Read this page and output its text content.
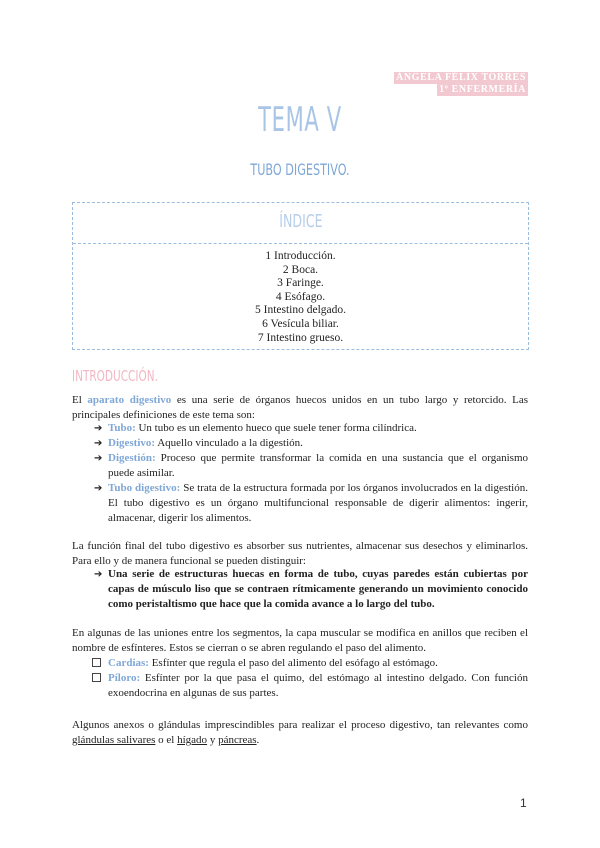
ÁNGELA FÉLIX TORRES
1º ENFERMERÍA
TEMA V
TUBO DIGESTIVO.
ÍNDICE
1 Introducción.
2 Boca.
3 Faringe.
4 Esófago.
5 Intestino delgado.
6 Vesícula biliar.
7 Intestino grueso.
INTRODUCCIÓN.
El aparato digestivo es una serie de órganos huecos unidos en un tubo largo y retorcido. Las principales definiciones de este tema son:
➔ Tubo: Un tubo es un elemento hueco que suele tener forma cilíndrica.
➔ Digestivo: Aquello vinculado a la digestión.
➔ Digestión: Proceso que permite transformar la comida en una sustancia que el organismo puede asimilar.
➔ Tubo digestivo: Se trata de la estructura formada por los órganos involucrados en la digestión. El tubo digestivo es un órgano multifuncional responsable de digerir alimentos: ingerir, almacenar, digerir los alimentos.
La función final del tubo digestivo es absorber sus nutrientes, almacenar sus desechos y eliminarlos. Para ello y de manera funcional se pueden distinguir:
➔ Una serie de estructuras huecas en forma de tubo, cuyas paredes están cubiertas por capas de músculo liso que se contraen rítmicamente generando un movimiento conocido como peristaltismo que hace que la comida avance a lo largo del tubo.
En algunas de las uniones entre los segmentos, la capa muscular se modifica en anillos que reciben el nombre de esfínteres. Estos se cierran o se abren regulando el paso del alimento.
Cardias: Esfínter que regula el paso del alimento del esófago al estómago.
Píloro: Esfínter por la que pasa el quimo, del estómago al intestino delgado. Con función exoendocrina en algunas de sus partes.
Algunos anexos o glándulas imprescindibles para realizar el proceso digestivo, tan relevantes como glándulas salivares o el hígado y páncreas.
1
